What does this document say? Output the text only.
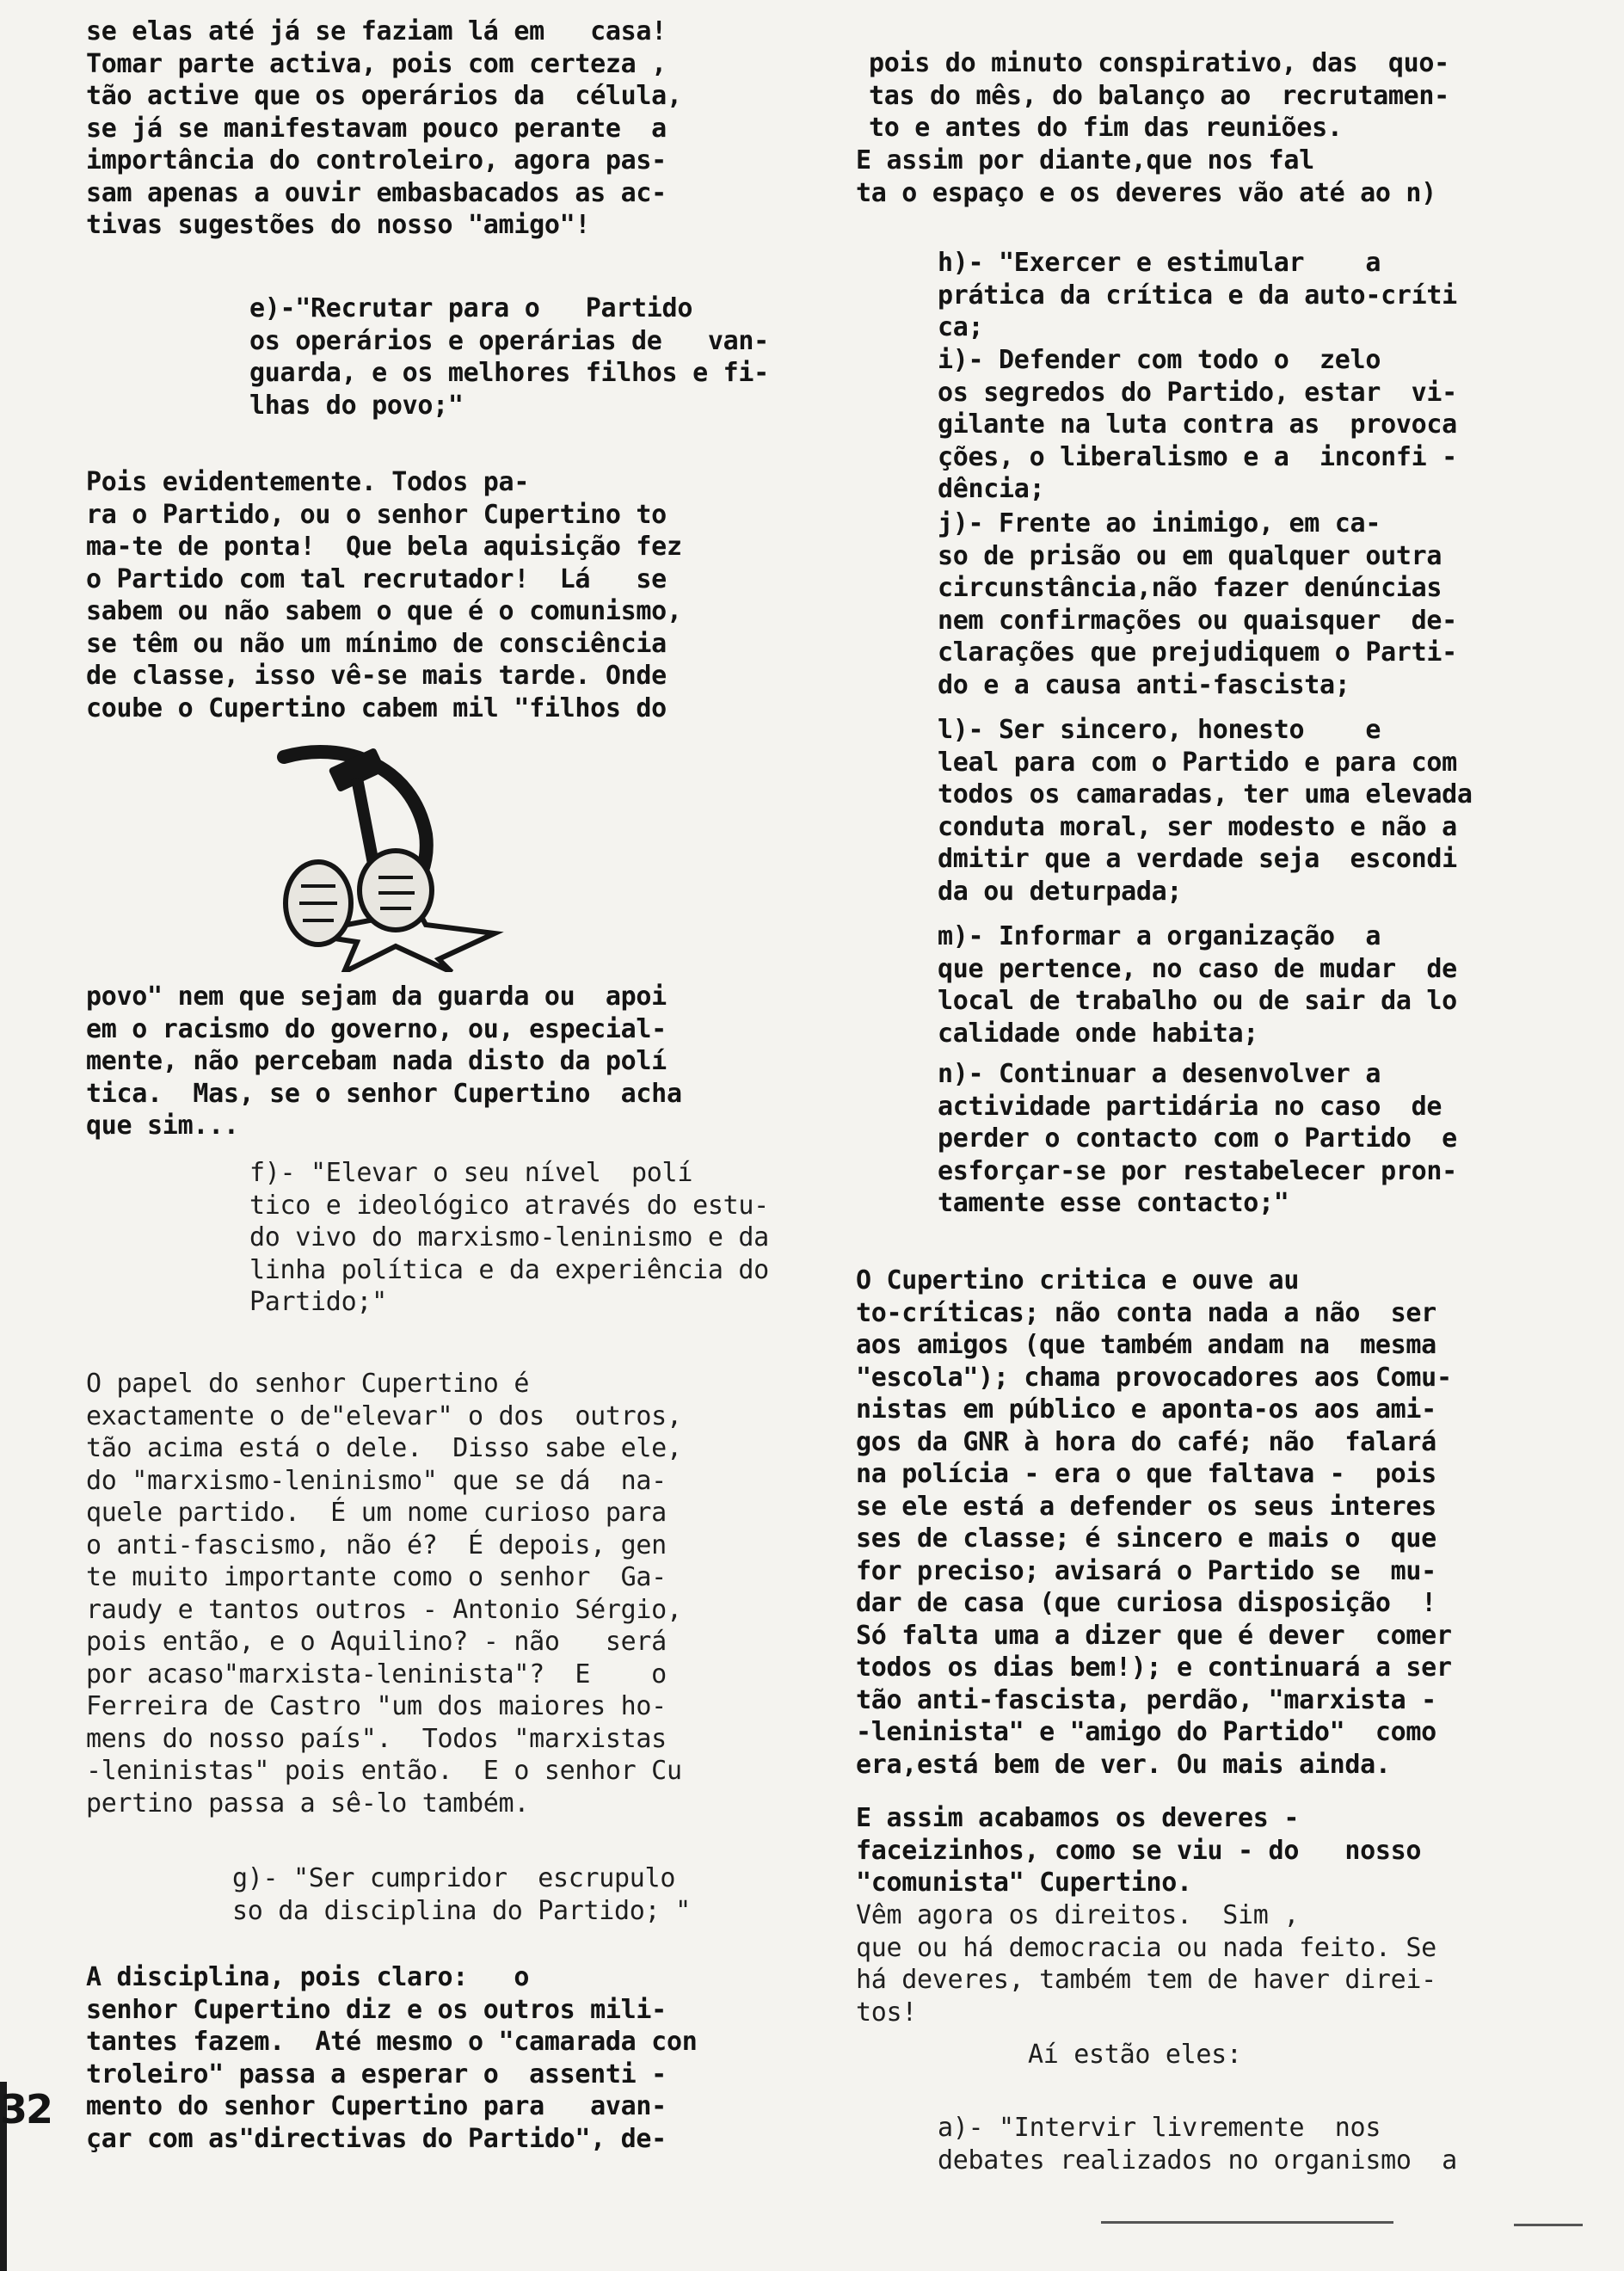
se elas até já se faziam lá em   casa!
Tomar parte activa, pois com certeza ,
tão active que os operários da  célula,
se já se manifestavam pouco perante  a
importância do controleiro, agora pas-
sam apenas a ouvir embasbacados as ac-
tivas sugestões do nosso "amigo"!

e)-"Recrutar para o   Partido
os operários e operárias de   van-
guarda, e os melhores filhos e fi-
lhas do povo;"

Pois evidentemente. Todos pa-
ra o Partido, ou o senhor Cupertino to
ma-te de ponta!  Que bela aquisição fez
o Partido com tal recrutador!  Lá   se
sabem ou não sabem o que é o comunismo,
se têm ou não um mínimo de consciência
de classe, isso vê-se mais tarde. Onde
coube o Cupertino cabem mil "filhos do

povo" nem que sejam da guarda ou  apoi
em o racismo do governo, ou, especial-
mente, não percebam nada disto da polí
tica.  Mas, se o senhor Cupertino  acha
que sim...

f)- "Elevar o seu nível  polí
tico e ideológico através do estu-
do vivo do marxismo-leninismo e da
linha política e da experiência do
Partido;"

O papel do senhor Cupertino é
exactamente o de"elevar" o dos  outros,
tão acima está o dele.  Disso sabe ele,
do "marxismo-leninismo" que se dá  na-
quele partido.  É um nome curioso para
o anti-fascismo, não é?  É depois, gen
te muito importante como o senhor  Ga-
raudy e tantos outros - Antonio Sérgio,
pois então, e o Aquilino? - não   será
por acaso"marxista-leninista"?  E    o
Ferreira de Castro "um dos maiores ho-
mens do nosso país".  Todos "marxistas
-leninistas" pois então.  E o senhor Cu
pertino passa a sê-lo também.

g)- "Ser cumpridor  escrupulo
so da disciplina do Partido; "

A disciplina, pois claro:   o
senhor Cupertino diz e os outros mili-
tantes fazem.  Até mesmo o "camarada con
troleiro" passa a esperar o  assenti -
mento do senhor Cupertino para   avan-
çar com as"directivas do Partido", de-

pois do minuto conspirativo, das  quo-
tas do mês, do balanço ao  recrutamen-
to e antes do fim das reuniões.

E assim por diante,que nos fal
ta o espaço e os deveres vão até ao n)

h)- "Exercer e estimular    a
prática da crítica e da auto-críti
ca;

i)- Defender com todo o  zelo
os segredos do Partido, estar  vi-
gilante na luta contra as  provoca
ções, o liberalismo e a  inconfi -
dência;

j)- Frente ao inimigo, em ca-
so de prisão ou em qualquer outra
circunstância,não fazer denúncias
nem confirmações ou quaisquer  de-
clarações que prejudiquem o Parti-
do e a causa anti-fascista;

l)- Ser sincero, honesto    e
leal para com o Partido e para com
todos os camaradas, ter uma elevada
conduta moral, ser modesto e não a
dmitir que a verdade seja  escondi
da ou deturpada;

m)- Informar a organização  a
que pertence, no caso de mudar  de
local de trabalho ou de sair da lo
calidade onde habita;

n)- Continuar a desenvolver a
actividade partidária no caso  de
perder o contacto com o Partido  e
esforçar-se por restabelecer pron-
tamente esse contacto;"

O Cupertino critica e ouve au
to-críticas; não conta nada a não  ser
aos amigos (que também andam na  mesma
"escola"); chama provocadores aos Comu-
nistas em público e aponta-os aos ami-
gos da GNR à hora do café; não  falará
na polícia - era o que faltava -  pois
se ele está a defender os seus interes
ses de classe; é sincero e mais o  que
for preciso; avisará o Partido se  mu-
dar de casa (que curiosa disposição  !
Só falta uma a dizer que é dever  comer
todos os dias bem!); e continuará a ser
tão anti-fascista, perdão, "marxista -
-leninista" e "amigo do Partido"  como
era,está bem de ver. Ou mais ainda.

E assim acabamos os deveres -
faceizinhos, como se viu - do   nosso
"comunista" Cupertino.

Vêm agora os direitos.  Sim ,
que ou há democracia ou nada feito. Se
há deveres, também tem de haver direi-
tos!

Aí estão eles:

a)- "Intervir livremente  nos
debates realizados no organismo  a

32
